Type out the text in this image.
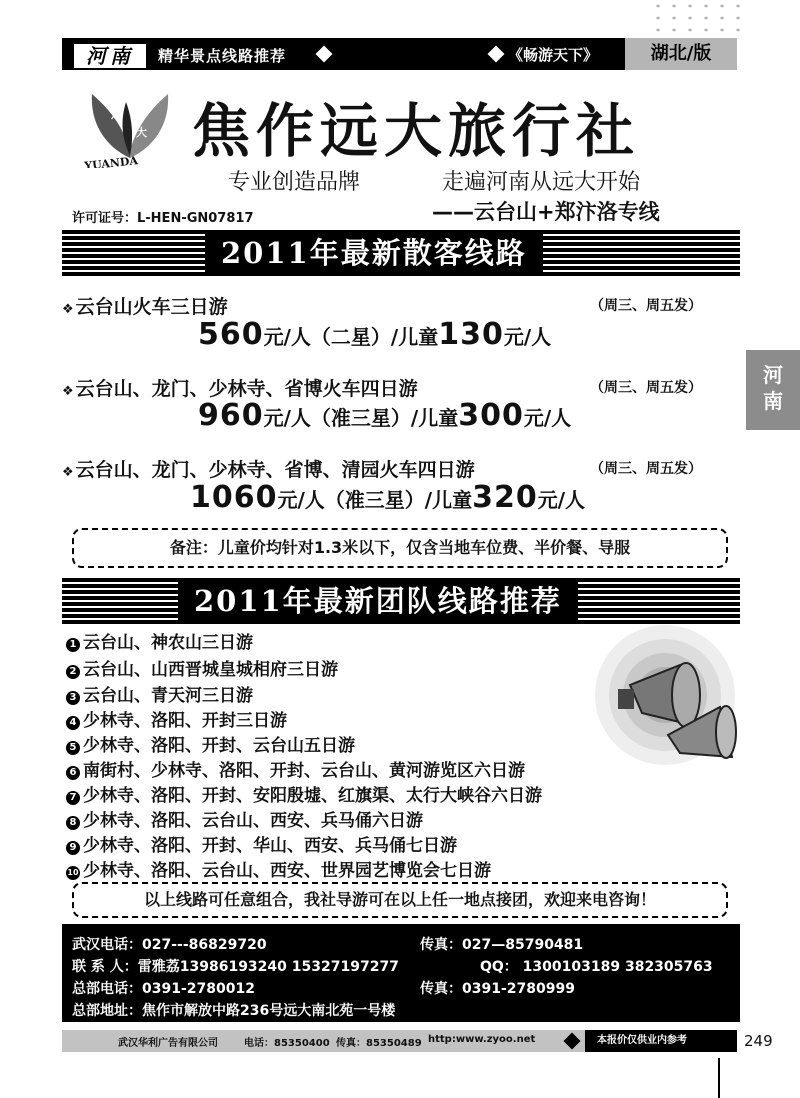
河南	精华景点线路推荐	《畅游天下》	湖北/版
远
大
YUANDA 焦作远大旅行社
专业创造品牌	走遍河南从远大开始
许可证号：L-HEN-GN07817	——云台山+郑汴洛专线
2011年最新散客线路
❖ 云台山火车三日游	（周三、周五发）
560元/人（二星）/儿童130元/人
❖ 云台山、龙门、少林寺、省博火车四日游	（周三、周五发）
960元/人（准三星）/儿童300元/人
❖ 云台山、龙门、少林寺、省博、清园火车四日游	（周三、周五发）
1060元/人（准三星）/儿童320元/人
备注：儿童价均针对1.3米以下，仅含当地车位费、半价餐、导服
河南
2011年最新团队线路推荐
1 云台山、神农山三日游
2 云台山、山西晋城皇城相府三日游
3 云台山、青天河三日游
4 少林寺、洛阳、开封三日游
5 少林寺、洛阳、开封、云台山五日游
6 南街村、少林寺、洛阳、开封、云台山、黄河游览区六日游
7 少林寺、洛阳、开封、安阳殷墟、红旗渠、太行大峡谷六日游
8 少林寺、洛阳、云台山、西安、兵马俑六日游
9 少林寺、洛阳、开封、华山、西安、兵马俑七日游
10 少林寺、洛阳、云台山、西安、世界园艺博览会七日游
以上线路可任意组合，我社导游可在以上任一地点接团，欢迎来电咨询！
武汉电话：027---86829720	传真：027—85790481
联 系 人：雷雅荔13986193240 15327197277	QQ： 1300103189 382305763
总部电话：0391-2780012	传真：0391-2780999
总部地址：焦作市解放中路236号远大南北苑一号楼
武汉华利广告有限公司	电话：85350400 传真：85350489 http:www.zyoo.net	本报价仅供业内参考	249
